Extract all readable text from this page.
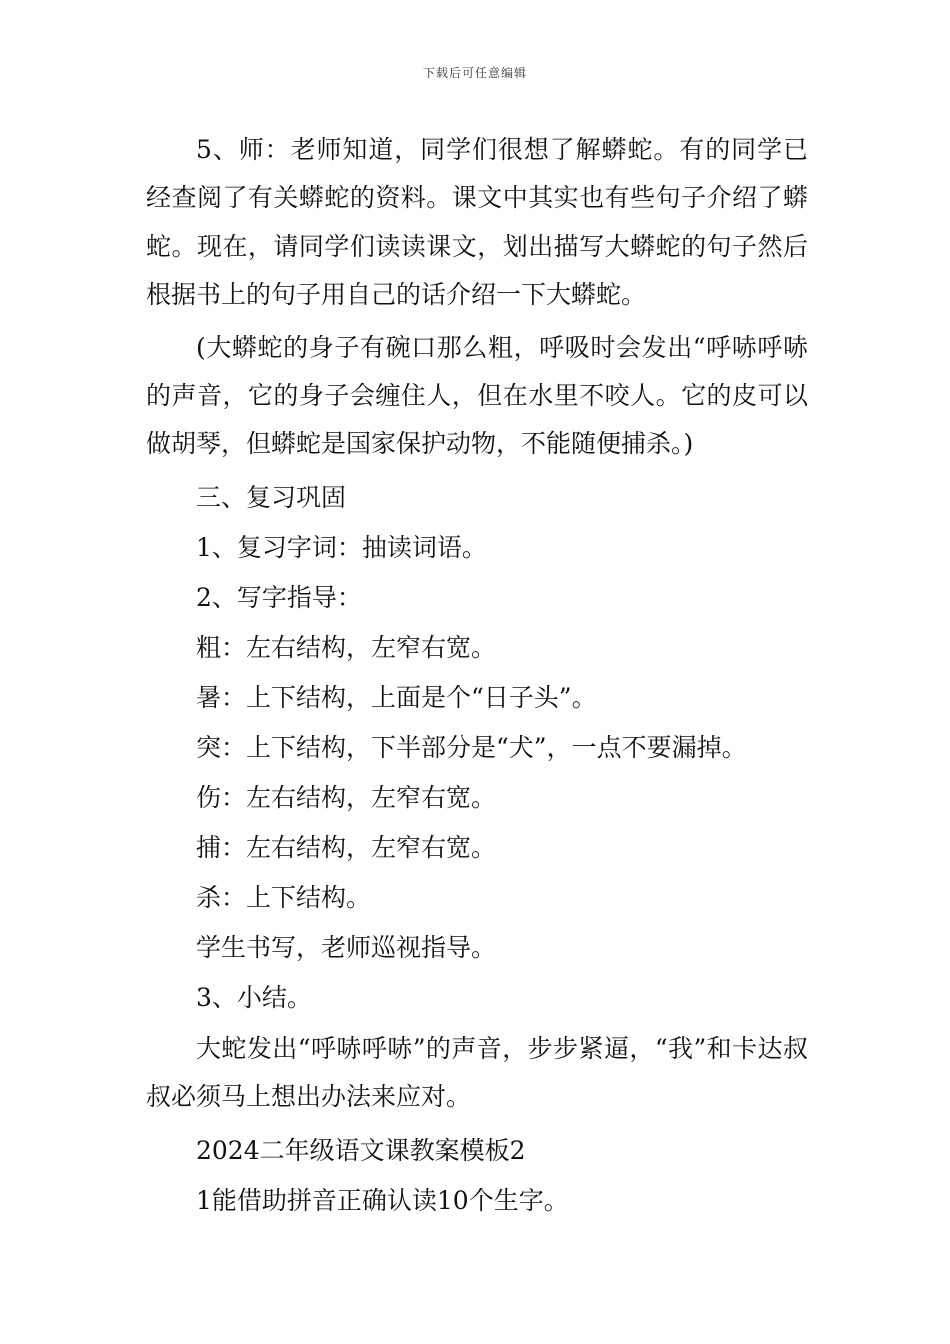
下载后可任意编辑

5、师：老师知道，同学们很想了解蟒蛇。有的同学已经查阅了有关蟒蛇的资料。课文中其实也有些句子介绍了蟒蛇。现在，请同学们读读课文，划出描写大蟒蛇的句子然后根据书上的句子用自己的话介绍一下大蟒蛇。

(大蟒蛇的身子有碗口那么粗，呼吸时会发出“呼哧呼哧的声音，它的身子会缠住人，但在水里不咬人。它的皮可以做胡琴，但蟒蛇是国家保护动物，不能随便捕杀。)

三、复习巩固

1、复习字词：抽读词语。

2、写字指导：

粗：左右结构，左窄右宽。

暑：上下结构，上面是个“日子头”。

突：上下结构，下半部分是“犬”，一点不要漏掉。

伤：左右结构，左窄右宽。

捕：左右结构，左窄右宽。

杀：上下结构。

学生书写，老师巡视指导。

3、小结。

大蛇发出“呼哧呼哧”的声音，步步紧逼，“我”和卡达叔叔必须马上想出办法来应对。

2024二年级语文课教案模板2

1能借助拼音正确认读10个生字。
